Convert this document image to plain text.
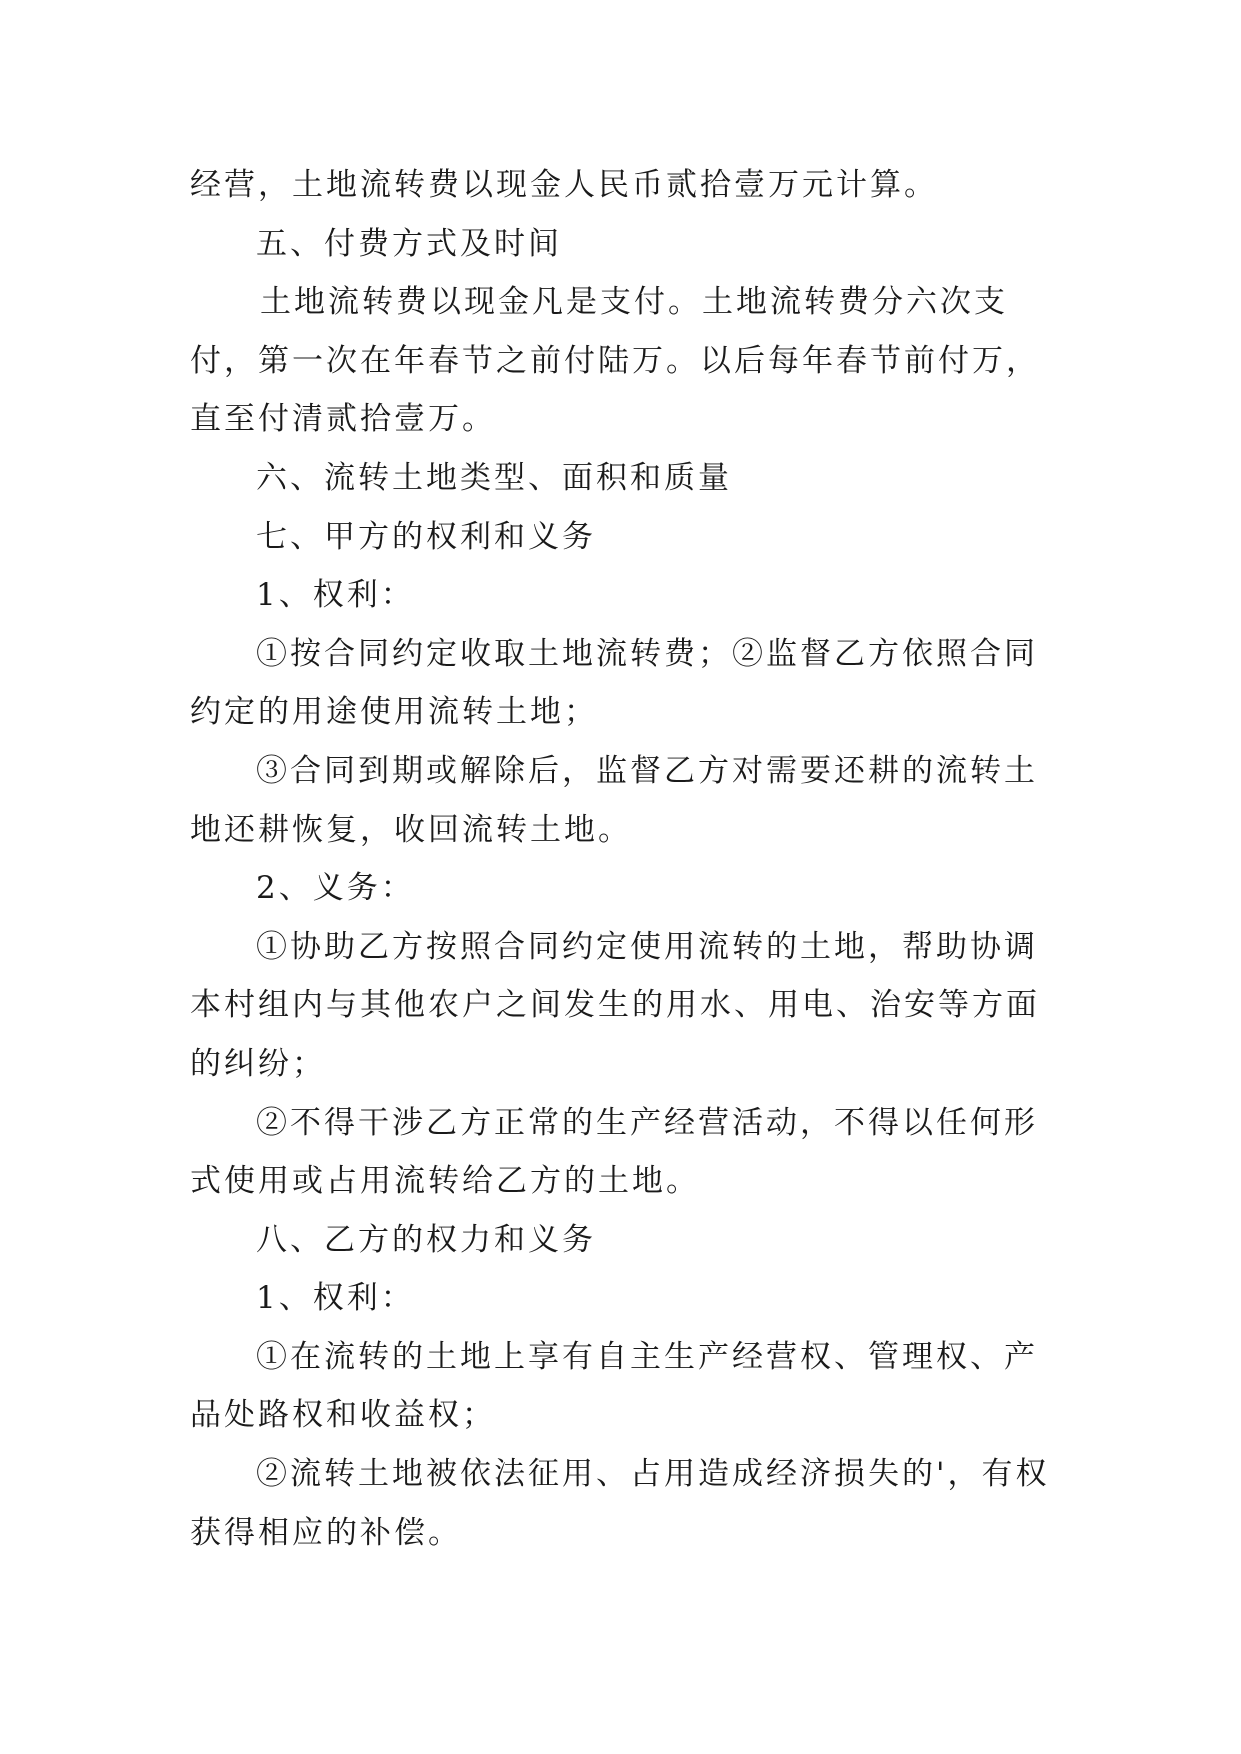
经营，土地流转费以现金人民币贰拾壹万元计算。

五、付费方式及时间

土地流转费以现金凡是支付。土地流转费分六次支付，第一次在年春节之前付陆万。以后每年春节前付万，直至付清贰拾壹万。

六、流转土地类型、面积和质量

七、甲方的权利和义务

1、权利：

①按合同约定收取土地流转费；②监督乙方依照合同约定的用途使用流转土地；

③合同到期或解除后，监督乙方对需要还耕的流转土地还耕恢复，收回流转土地。

2、义务：

①协助乙方按照合同约定使用流转的土地，帮助协调本村组内与其他农户之间发生的用水、用电、治安等方面的纠纷；

②不得干涉乙方正常的生产经营活动，不得以任何形式使用或占用流转给乙方的土地。

八、乙方的权力和义务

1、权利：

①在流转的土地上享有自主生产经营权、管理权、产品处路权和收益权；

②流转土地被依法征用、占用造成经济损失的'，有权获得相应的补偿。
